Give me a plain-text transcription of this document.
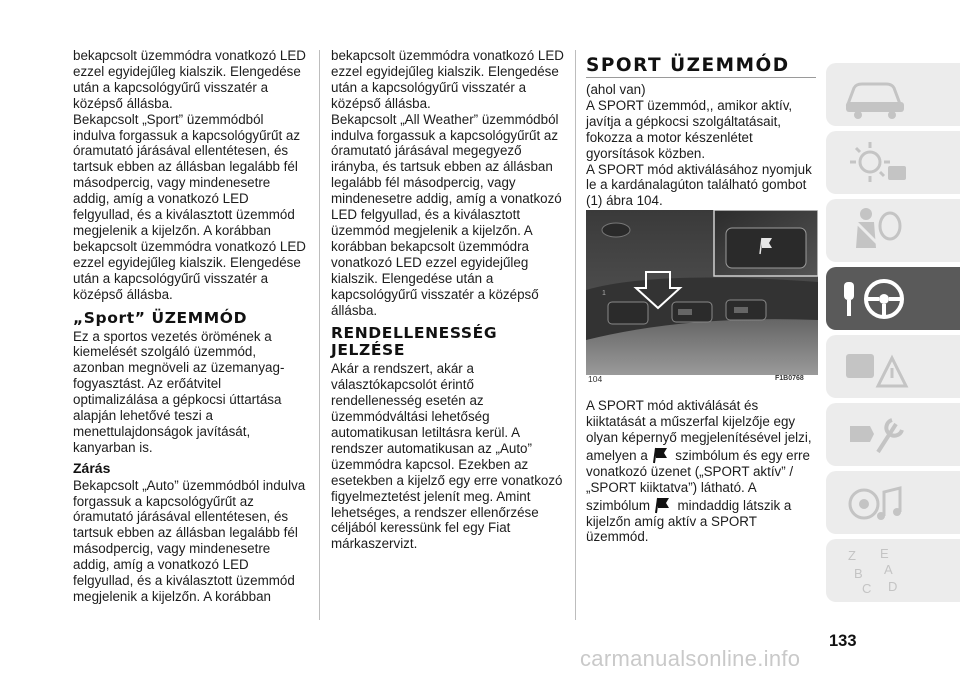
bekapcsolt üzemmódra vonatkozó LED ezzel egyidejűleg kialszik. Elengedése után a kapcsológyűrű visszatér a középső állásba.

Bekapcsolt „Sport” üzemmódból indulva forgassuk a kapcsológyűrűt az óramutató járásával ellentétesen, és tartsuk ebben az állásban legalább fél másodpercig, vagy mindenesetre addig, amíg a vonatkozó LED felgyullad, és a kiválasztott üzemmód megjelenik a kijelzőn. A korábban bekapcsolt üzemmódra vonatkozó LED ezzel egyidejűleg kialszik. Elengedése után a kapcsológyűrű visszatér a középső állásba.

„Sport” ÜZEMMÓD

Ez a sportos vezetés örömének a kiemelését szolgáló üzemmód, azonban megnöveli az üzemanyag-fogyasztást. Az erőátvitel optimalizálása a gépkocsi úttartása alapján lehetővé teszi a menettulajdonságok javítását, kanyarban is.

Zárás

Bekapcsolt „Auto” üzemmódból indulva forgassuk a kapcsológyűrűt az óramutató járásával ellentétesen, és tartsuk ebben az állásban legalább fél másodpercig, vagy mindenesetre addig, amíg a vonatkozó LED felgyullad, és a kiválasztott üzemmód megjelenik a kijelzőn. A korábban

bekapcsolt üzemmódra vonatkozó LED ezzel egyidejűleg kialszik. Elengedése után a kapcsológyűrű visszatér a középső állásba.

Bekapcsolt „All Weather” üzemmódból indulva forgassuk a kapcsológyűrűt az óramutató járásával megegyező irányba, és tartsuk ebben az állásban legalább fél másodpercig, vagy mindenesetre addig, amíg a vonatkozó LED felgyullad, és a kiválasztott üzemmód megjelenik a kijelzőn. A korábban bekapcsolt üzemmódra vonatkozó LED ezzel egyidejűleg kialszik. Elengedése után a kapcsológyűrű visszatér a középső állásba.

RENDELLENESSÉG JELZÉSE

Akár a rendszert, akár a választókapcsolót érintő rendellenesség esetén az üzemmódváltási lehetőség automatikusan letiltásra kerül. A rendszer automatikusan az „Auto” üzemmódra kapcsol. Ezekben az esetekben a kijelző egy erre vonatkozó figyelmeztetést jelenít meg. Amint lehetséges, a rendszer ellenőrzése céljából keressünk fel egy Fiat márkaszervizt.

SPORT ÜZEMMÓD

(ahol van)

A SPORT üzemmód,, amikor aktív, javítja a gépkocsi szolgáltatásait, fokozza a motor készenlétet gyorsítások közben.

A SPORT mód aktiválásához nyomjuk le a kardánalagúton található gombot (1) ábra 104.

1
104	F1B0768

A SPORT mód aktiválását és kiiktatását a műszerfal kijelzője egy olyan képernyő megjelenítésével jelzi, amelyen a szimbólum és egy erre vonatkozó üzenet („SPORT aktív” / „SPORT kiiktatva”) látható. A szimbólum mindaddig látszik a kijelzőn amíg aktív a SPORT üzemmód.

Z E
B A
C D
133
carmanualsonline.info
